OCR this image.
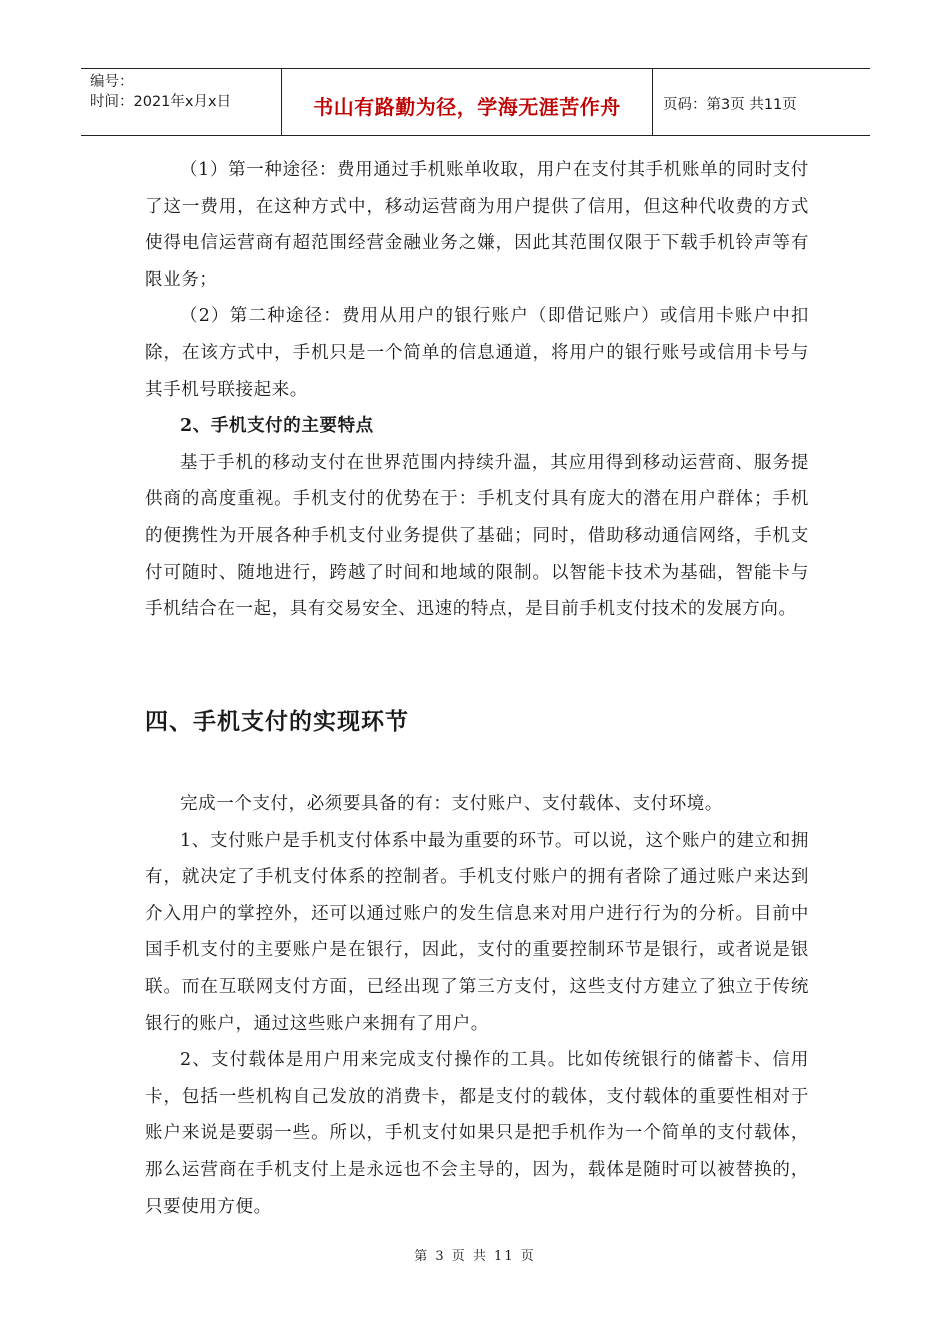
编号：
时间：2021年x月x日	书山有路勤为径，学海无涯苦作舟	页码：第3页 共11页

（1）第一种途径：费用通过手机账单收取，用户在支付其手机账单的同时支付了这一费用，在这种方式中，移动运营商为用户提供了信用，但这种代收费的方式使得电信运营商有超范围经营金融业务之嫌，因此其范围仅限于下载手机铃声等有限业务；

（2）第二种途径：费用从用户的银行账户（即借记账户）或信用卡账户中扣除，在该方式中，手机只是一个简单的信息通道，将用户的银行账号或信用卡号与其手机号联接起来。

2、手机支付的主要特点

基于手机的移动支付在世界范围内持续升温，其应用得到移动运营商、服务提供商的高度重视。手机支付的优势在于：手机支付具有庞大的潜在用户群体；手机的便携性为开展各种手机支付业务提供了基础；同时，借助移动通信网络，手机支付可随时、随地进行，跨越了时间和地域的限制。以智能卡技术为基础，智能卡与手机结合在一起，具有交易安全、迅速的特点，是目前手机支付技术的发展方向。

四、手机支付的实现环节

完成一个支付，必须要具备的有：支付账户、支付载体、支付环境。

1、支付账户是手机支付体系中最为重要的环节。可以说，这个账户的建立和拥有，就决定了手机支付体系的控制者。手机支付账户的拥有者除了通过账户来达到介入用户的掌控外，还可以通过账户的发生信息来对用户进行行为的分析。目前中国手机支付的主要账户是在银行，因此，支付的重要控制环节是银行，或者说是银联。而在互联网支付方面，已经出现了第三方支付，这些支付方建立了独立于传统银行的账户，通过这些账户来拥有了用户。

2、支付载体是用户用来完成支付操作的工具。比如传统银行的储蓄卡、信用卡，包括一些机构自己发放的消费卡，都是支付的载体，支付载体的重要性相对于账户来说是要弱一些。所以，手机支付如果只是把手机作为一个简单的支付载体，那么运营商在手机支付上是永远也不会主导的，因为，载体是随时可以被替换的，只要使用方便。

第 3 页 共 11 页
